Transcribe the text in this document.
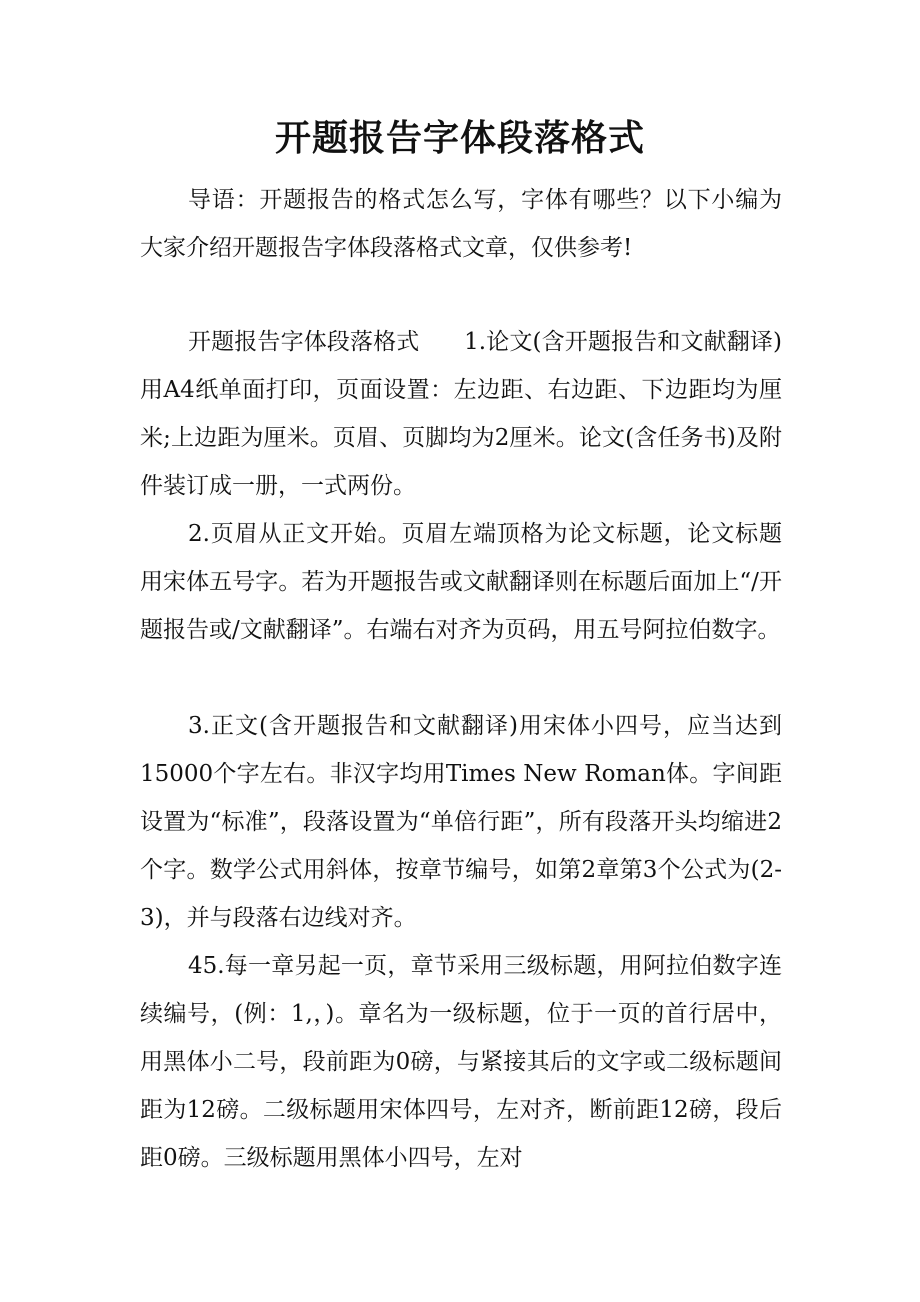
开题报告字体段落格式

导语：开题报告的格式怎么写，字体有哪些？以下小编为大家介绍开题报告字体段落格式文章，仅供参考!

开题报告字体段落格式 1.论文(含开题报告和文献翻译)用A4纸单面打印，页面设置：左边距、右边距、下边距均为厘米;上边距为厘米。页眉、页脚均为2厘米。论文(含任务书)及附件装订成一册，一式两份。

2.页眉从正文开始。页眉左端顶格为论文标题，论文标题用宋体五号字。若为开题报告或文献翻译则在标题后面加上“/开题报告或/文献翻译”。右端右对齐为页码，用五号阿拉伯数字。

3.正文(含开题报告和文献翻译)用宋体小四号，应当达到15000个字左右。非汉字均用Times New Roman体。字间距设置为“标准”，段落设置为“单倍行距”，所有段落开头均缩进2个字。数学公式用斜体，按章节编号，如第2章第3个公式为(2-3)，并与段落右边线对齐。

45.每一章另起一页，章节采用三级标题，用阿拉伯数字连续编号，(例：1,，)。章名为一级标题，位于一页的首行居中，用黑体小二号，段前距为0磅，与紧接其后的文字或二级标题间距为12磅。二级标题用宋体四号，左对齐，断前距12磅，段后距0磅。三级标题用黑体小四号，左对
